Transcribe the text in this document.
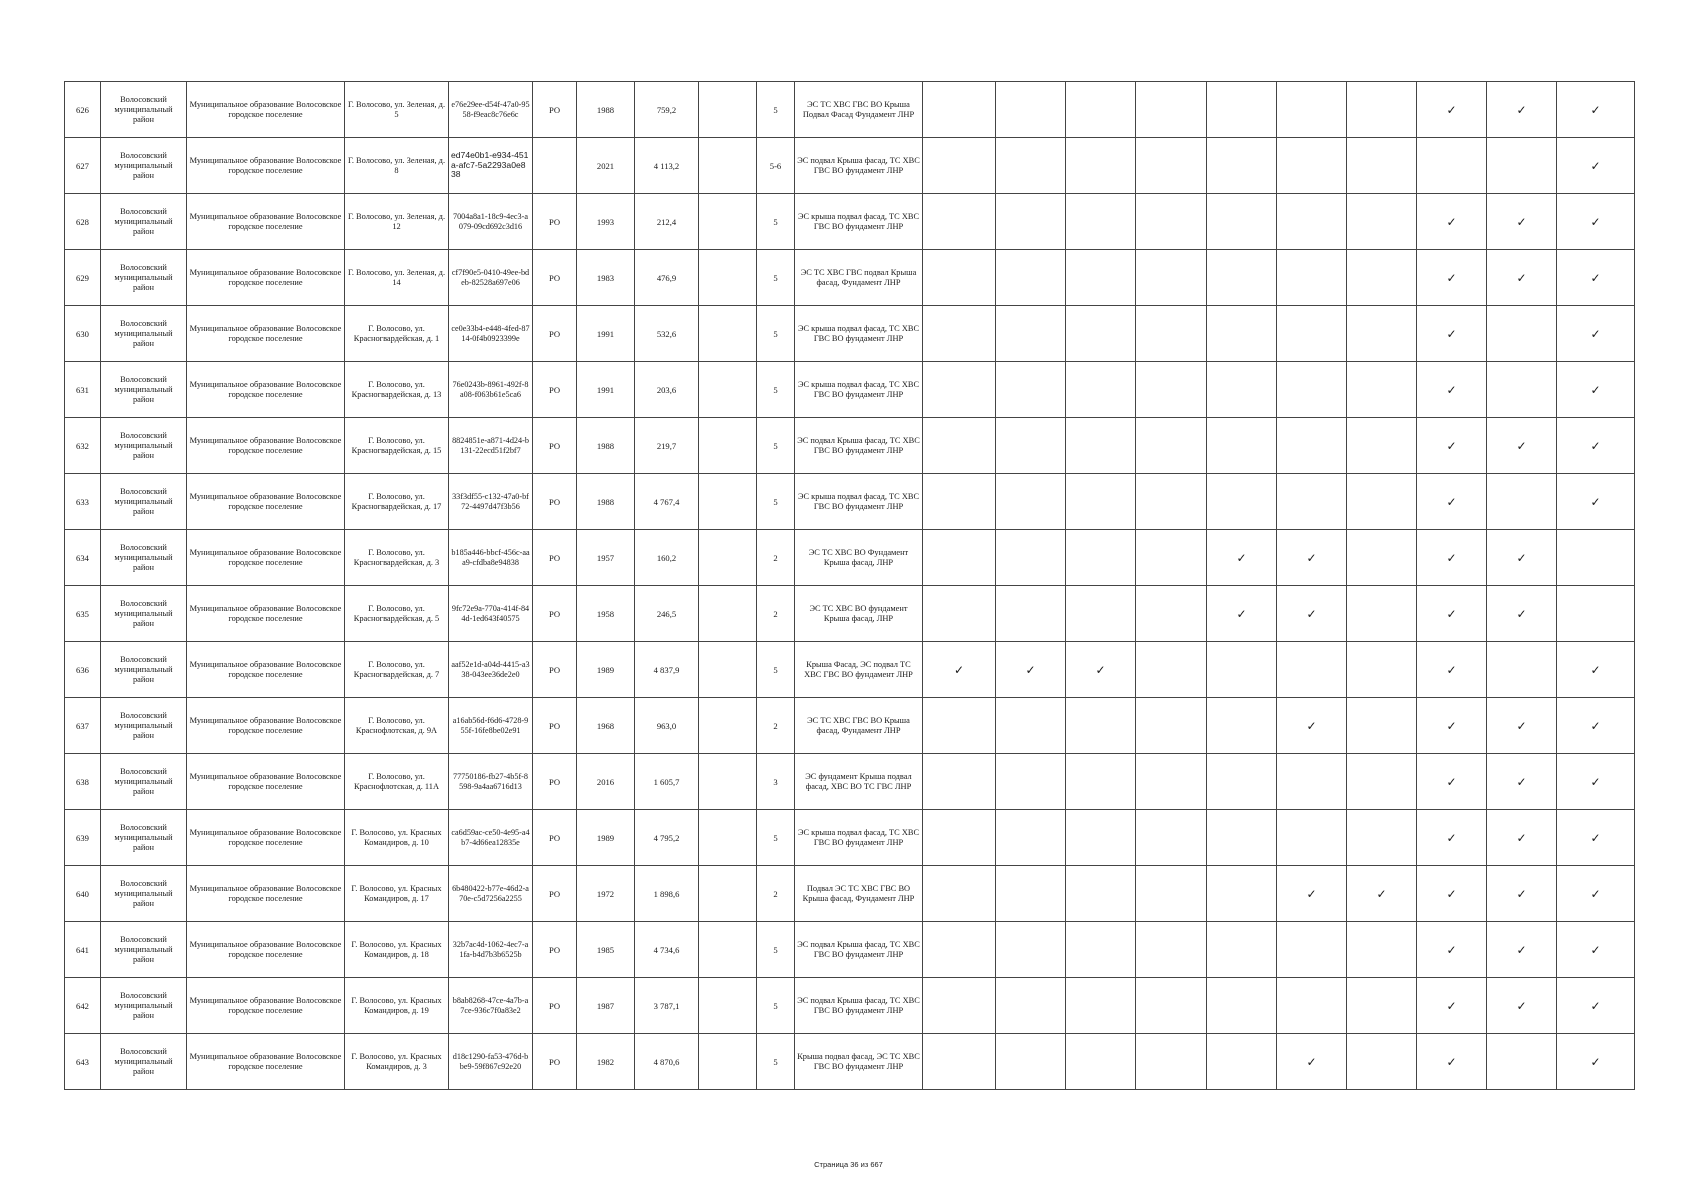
626	Волосовский муниципальный район	Муниципальное образование Волосовское городское поселение	Г. Волосово, ул. Зеленая, д. 5	e76e29ee-d54f-47a0-9558-f9eac8c76e6c	РО	1988	759,2		5	ЭС ТС ХВС ГВС ВО Крыша Подвал Фасад Фундамент ЛНР								✓	✓	✓
627	Волосовский муниципальный район	Муниципальное образование Волосовское городское поселение	Г. Волосово, ул. Зеленая, д. 8	ed74e0b1-e934-451a-afc7-5a2293a0e838		2021	4 113,2		5-6	ЭС подвал Крыша фасад, ТС ХВС ГВС ВО фундамент ЛНР										✓
628	Волосовский муниципальный район	Муниципальное образование Волосовское городское поселение	Г. Волосово, ул. Зеленая, д. 12	7004a8a1-18c9-4ec3-a079-09cd692c3d16	РО	1993	212,4		5	ЭС крыша подвал фасад, ТС ХВС ГВС ВО фундамент ЛНР								✓	✓	✓
629	Волосовский муниципальный район	Муниципальное образование Волосовское городское поселение	Г. Волосово, ул. Зеленая, д. 14	cf7f90e5-0410-49ee-bdeb-82528a697e06	РО	1983	476,9		5	ЭС ТС ХВС ГВС подвал Крыша фасад, Фундамент ЛНР								✓	✓	✓
630	Волосовский муниципальный район	Муниципальное образование Волосовское городское поселение	Г. Волосово, ул. Красногвардейская, д. 1	ce0e33b4-e448-4fed-8714-0f4b0923399e	РО	1991	532,6		5	ЭС крыша подвал фасад, ТС ХВС ГВС ВО фундамент ЛНР								✓		✓
631	Волосовский муниципальный район	Муниципальное образование Волосовское городское поселение	Г. Волосово, ул. Красногвардейская, д. 13	76e0243b-8961-492f-8a08-f063b61e5ca6	РО	1991	203,6		5	ЭС крыша подвал фасад, ТС ХВС ГВС ВО фундамент ЛНР								✓		✓
632	Волосовский муниципальный район	Муниципальное образование Волосовское городское поселение	Г. Волосово, ул. Красногвардейская, д. 15	8824851e-a871-4d24-b131-22ecd51f2bf7	РО	1988	219,7		5	ЭС подвал Крыша фасад, ТС ХВС ГВС ВО фундамент ЛНР								✓	✓	✓
633	Волосовский муниципальный район	Муниципальное образование Волосовское городское поселение	Г. Волосово, ул. Красногвардейская, д. 17	33f3df55-c132-47a0-bf72-4497d47f3b56	РО	1988	4 767,4		5	ЭС крыша подвал фасад, ТС ХВС ГВС ВО фундамент ЛНР								✓		✓
634	Волосовский муниципальный район	Муниципальное образование Волосовское городское поселение	Г. Волосово, ул. Красногвардейская, д. 3	b185a446-bbcf-456c-aaa9-cfdba8e94838	РО	1957	160,2		2	ЭС ТС ХВС ВО Фундамент Крыша фасад, ЛНР					✓	✓		✓	✓	
635	Волосовский муниципальный район	Муниципальное образование Волосовское городское поселение	Г. Волосово, ул. Красногвардейская, д. 5	9fc72e9a-770a-414f-844d-1ed643f40575	РО	1958	246,5		2	ЭС ТС ХВС ВО фундамент Крыша фасад, ЛНР					✓	✓		✓	✓	
636	Волосовский муниципальный район	Муниципальное образование Волосовское городское поселение	Г. Волосово, ул. Красногвардейская, д. 7	aaf52e1d-a04d-4415-a338-043ee36de2e0	РО	1989	4 837,9		5	Крыша Фасад, ЭС подвал ТС ХВС ГВС ВО фундамент ЛНР	✓	✓	✓					✓		✓
637	Волосовский муниципальный район	Муниципальное образование Волосовское городское поселение	Г. Волосово, ул. Краснофлотская, д. 9А	a16ab56d-f6d6-4728-955f-16fe8be02e91	РО	1968	963,0		2	ЭС ТС ХВС ГВС ВО Крыша фасад, Фундамент ЛНР						✓		✓	✓	✓
638	Волосовский муниципальный район	Муниципальное образование Волосовское городское поселение	Г. Волосово, ул. Краснофлотская, д. 11А	77750186-fb27-4b5f-8598-9a4aa6716d13	РО	2016	1 605,7		3	ЭС фундамент Крыша подвал фасад, ХВС ВО ТС ГВС ЛНР								✓	✓	✓
639	Волосовский муниципальный район	Муниципальное образование Волосовское городское поселение	Г. Волосово, ул. Красных Командиров, д. 10	ca6d59ac-ce50-4e95-a4b7-4d66ea12835e	РО	1989	4 795,2		5	ЭС крыша подвал фасад, ТС ХВС ГВС ВО фундамент ЛНР								✓	✓	✓
640	Волосовский муниципальный район	Муниципальное образование Волосовское городское поселение	Г. Волосово, ул. Красных Командиров, д. 17	6b480422-b77e-46d2-a70e-c5d7256a2255	РО	1972	1 898,6		2	Подвал ЭС ТС ХВС ГВС ВО Крыша фасад, Фундамент ЛНР						✓	✓	✓	✓	✓
641	Волосовский муниципальный район	Муниципальное образование Волосовское городское поселение	Г. Волосово, ул. Красных Командиров, д. 18	32b7ac4d-1062-4ec7-a1fa-b4d7b3b6525b	РО	1985	4 734,6		5	ЭС подвал Крыша фасад, ТС ХВС ГВС ВО фундамент ЛНР								✓	✓	✓
642	Волосовский муниципальный район	Муниципальное образование Волосовское городское поселение	Г. Волосово, ул. Красных Командиров, д. 19	b8ab8268-47ce-4a7b-a7ce-936c7f0a83e2	РО	1987	3 787,1		5	ЭС подвал Крыша фасад, ТС ХВС ГВС ВО фундамент ЛНР								✓	✓	✓
643	Волосовский муниципальный район	Муниципальное образование Волосовское городское поселение	Г. Волосово, ул. Красных Командиров, д. 3	d18c1290-fa53-476d-bbe9-59f867c92e20	РО	1982	4 870,6		5	Крыша подвал фасад, ЭС ТС ХВС ГВС ВО фундамент ЛНР						✓		✓		✓
Страница 36 из 667
